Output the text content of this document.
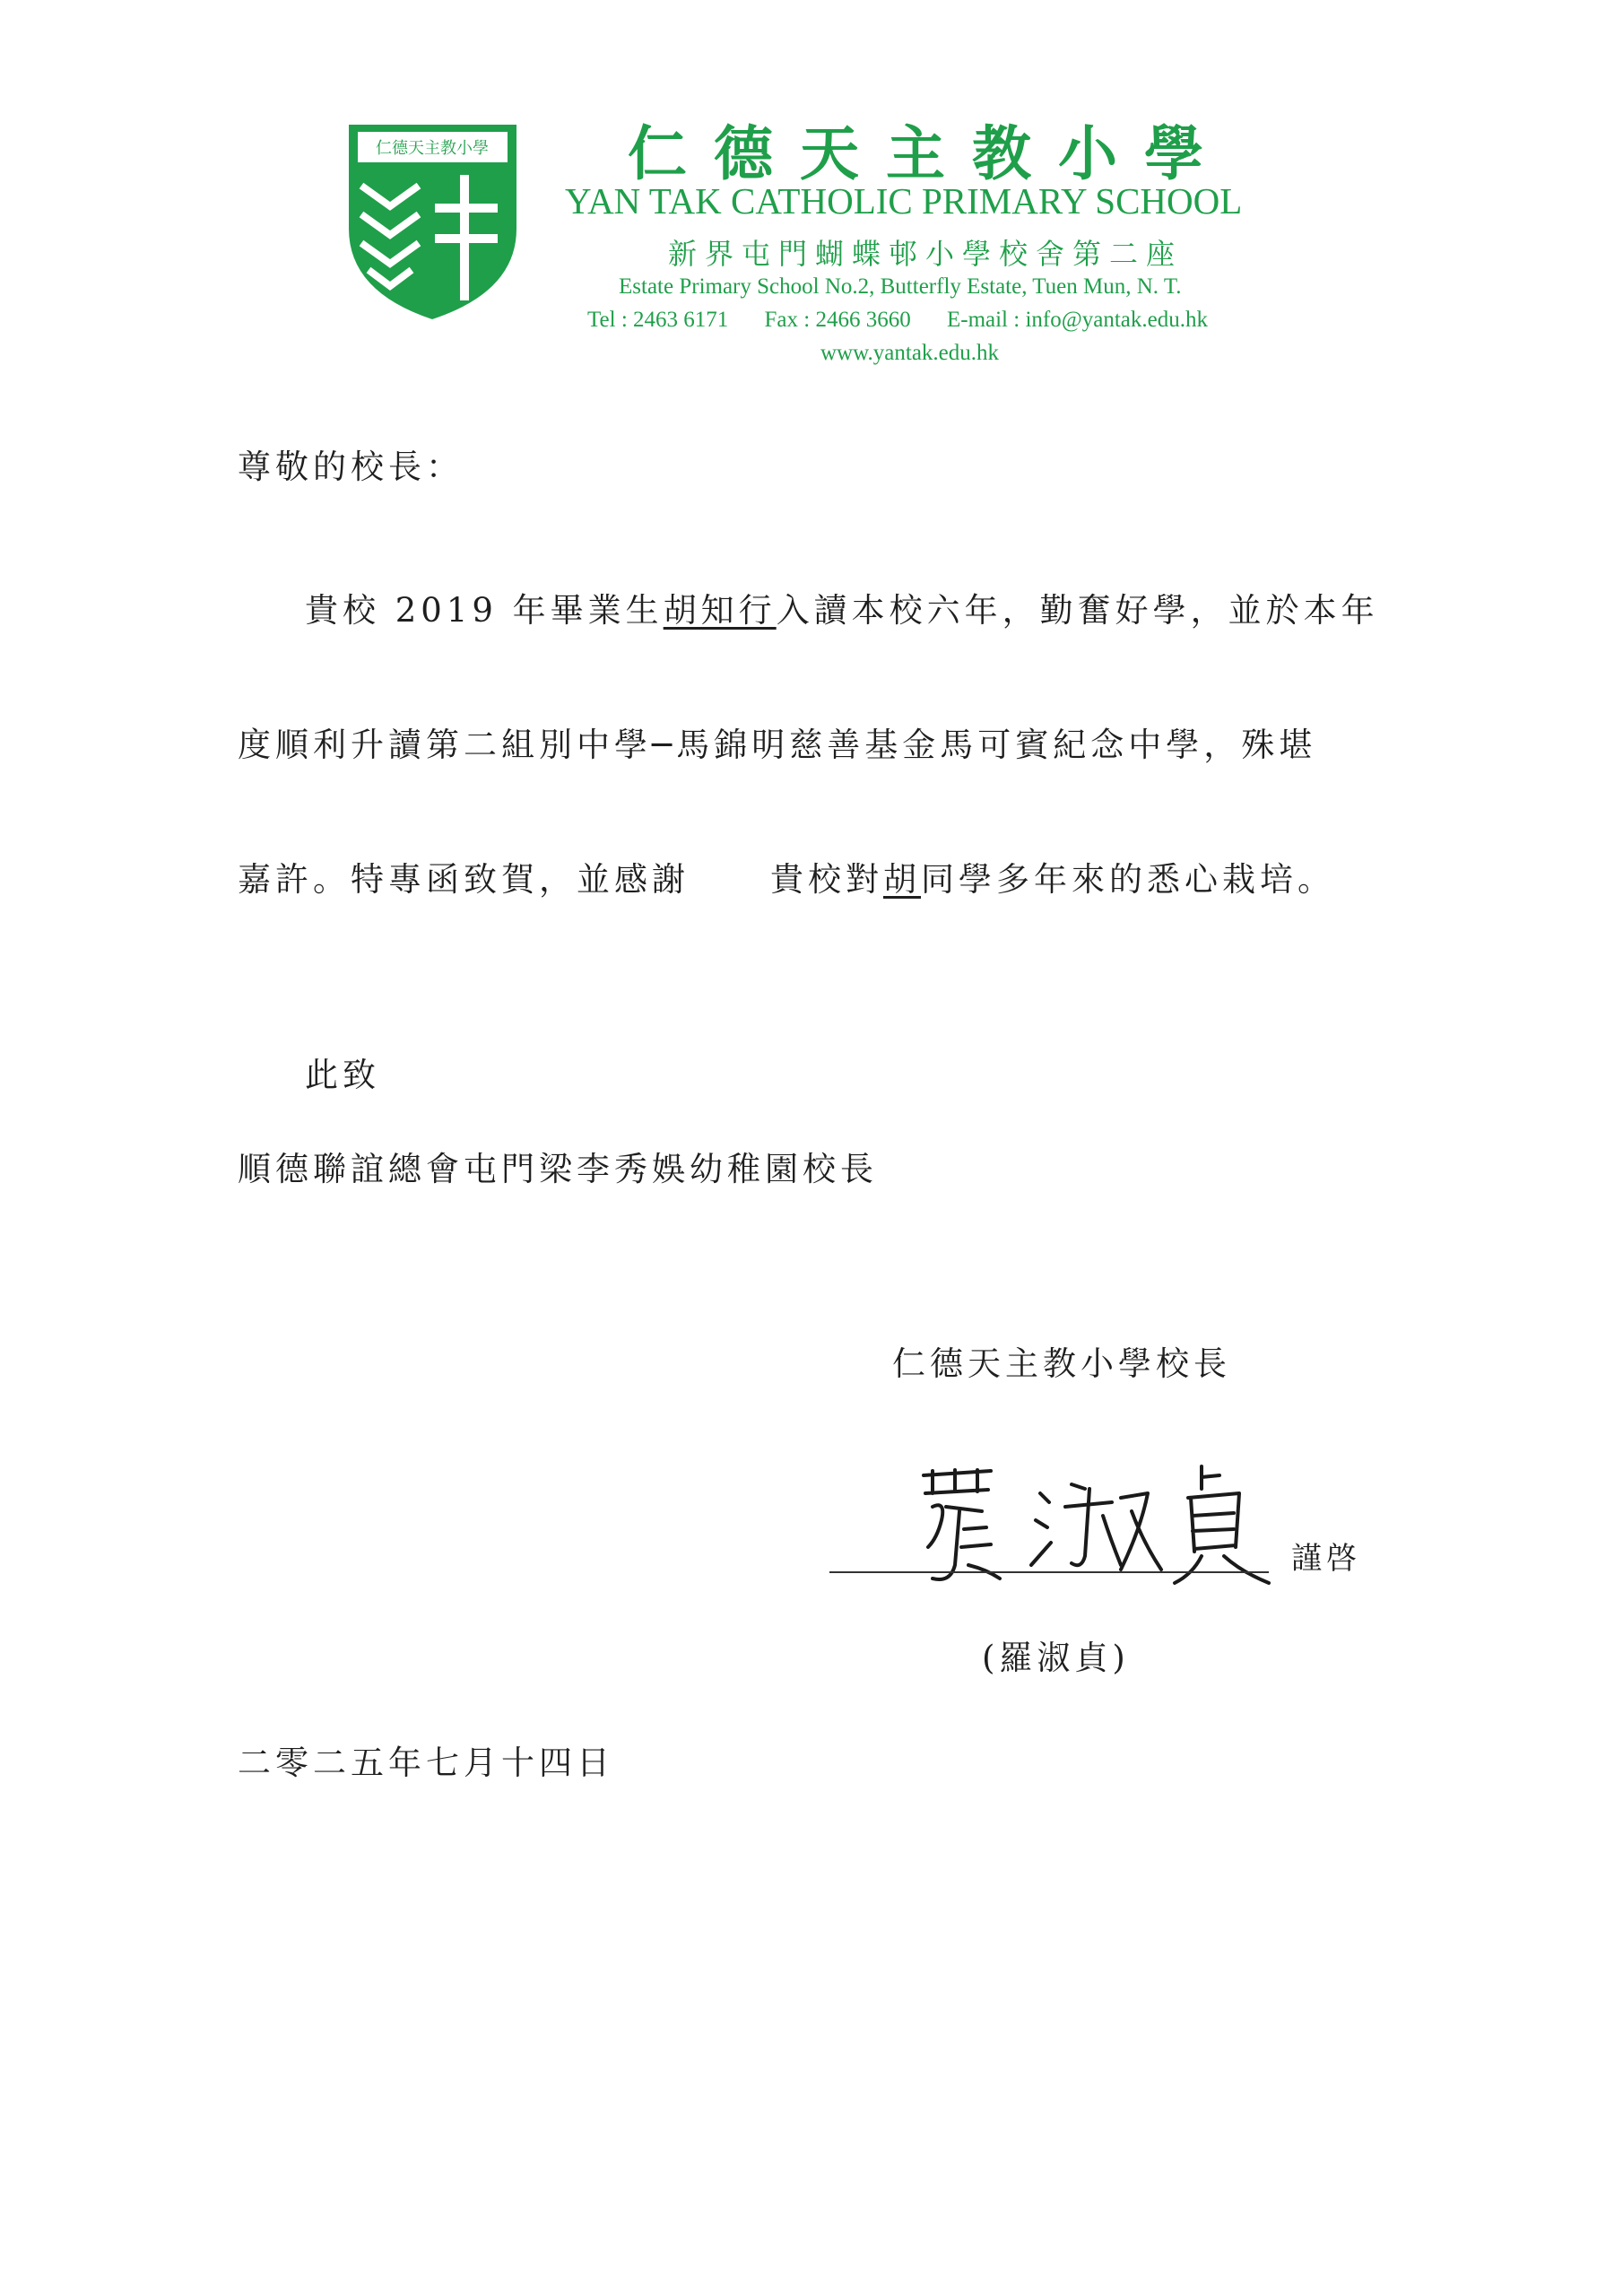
仁德天主教小學 仁德天主教小學
YAN TAK CATHOLIC PRIMARY SCHOOL
新界屯門蝴蝶邨小學校舍第二座
Estate Primary School No.2, Butterfly Estate, Tuen Mun, N. T.
Tel : 2463 6171 Fax : 2466 3660 E-mail : info@yantak.edu.hk
www.yantak.edu.hk
尊敬的校長：
貴校 2019 年畢業生胡知行入讀本校六年，勤奮好學，並於本年
度順利升讀第二組別中學─馬錦明慈善基金馬可賓紀念中學，殊堪
嘉許。特專函致賀，並感謝 貴校對胡同學多年來的悉心栽培。
此致
順德聯誼總會屯門梁李秀娛幼稚園校長
仁德天主教小學校長
謹啓
(羅淑貞)
二零二五年七月十四日
